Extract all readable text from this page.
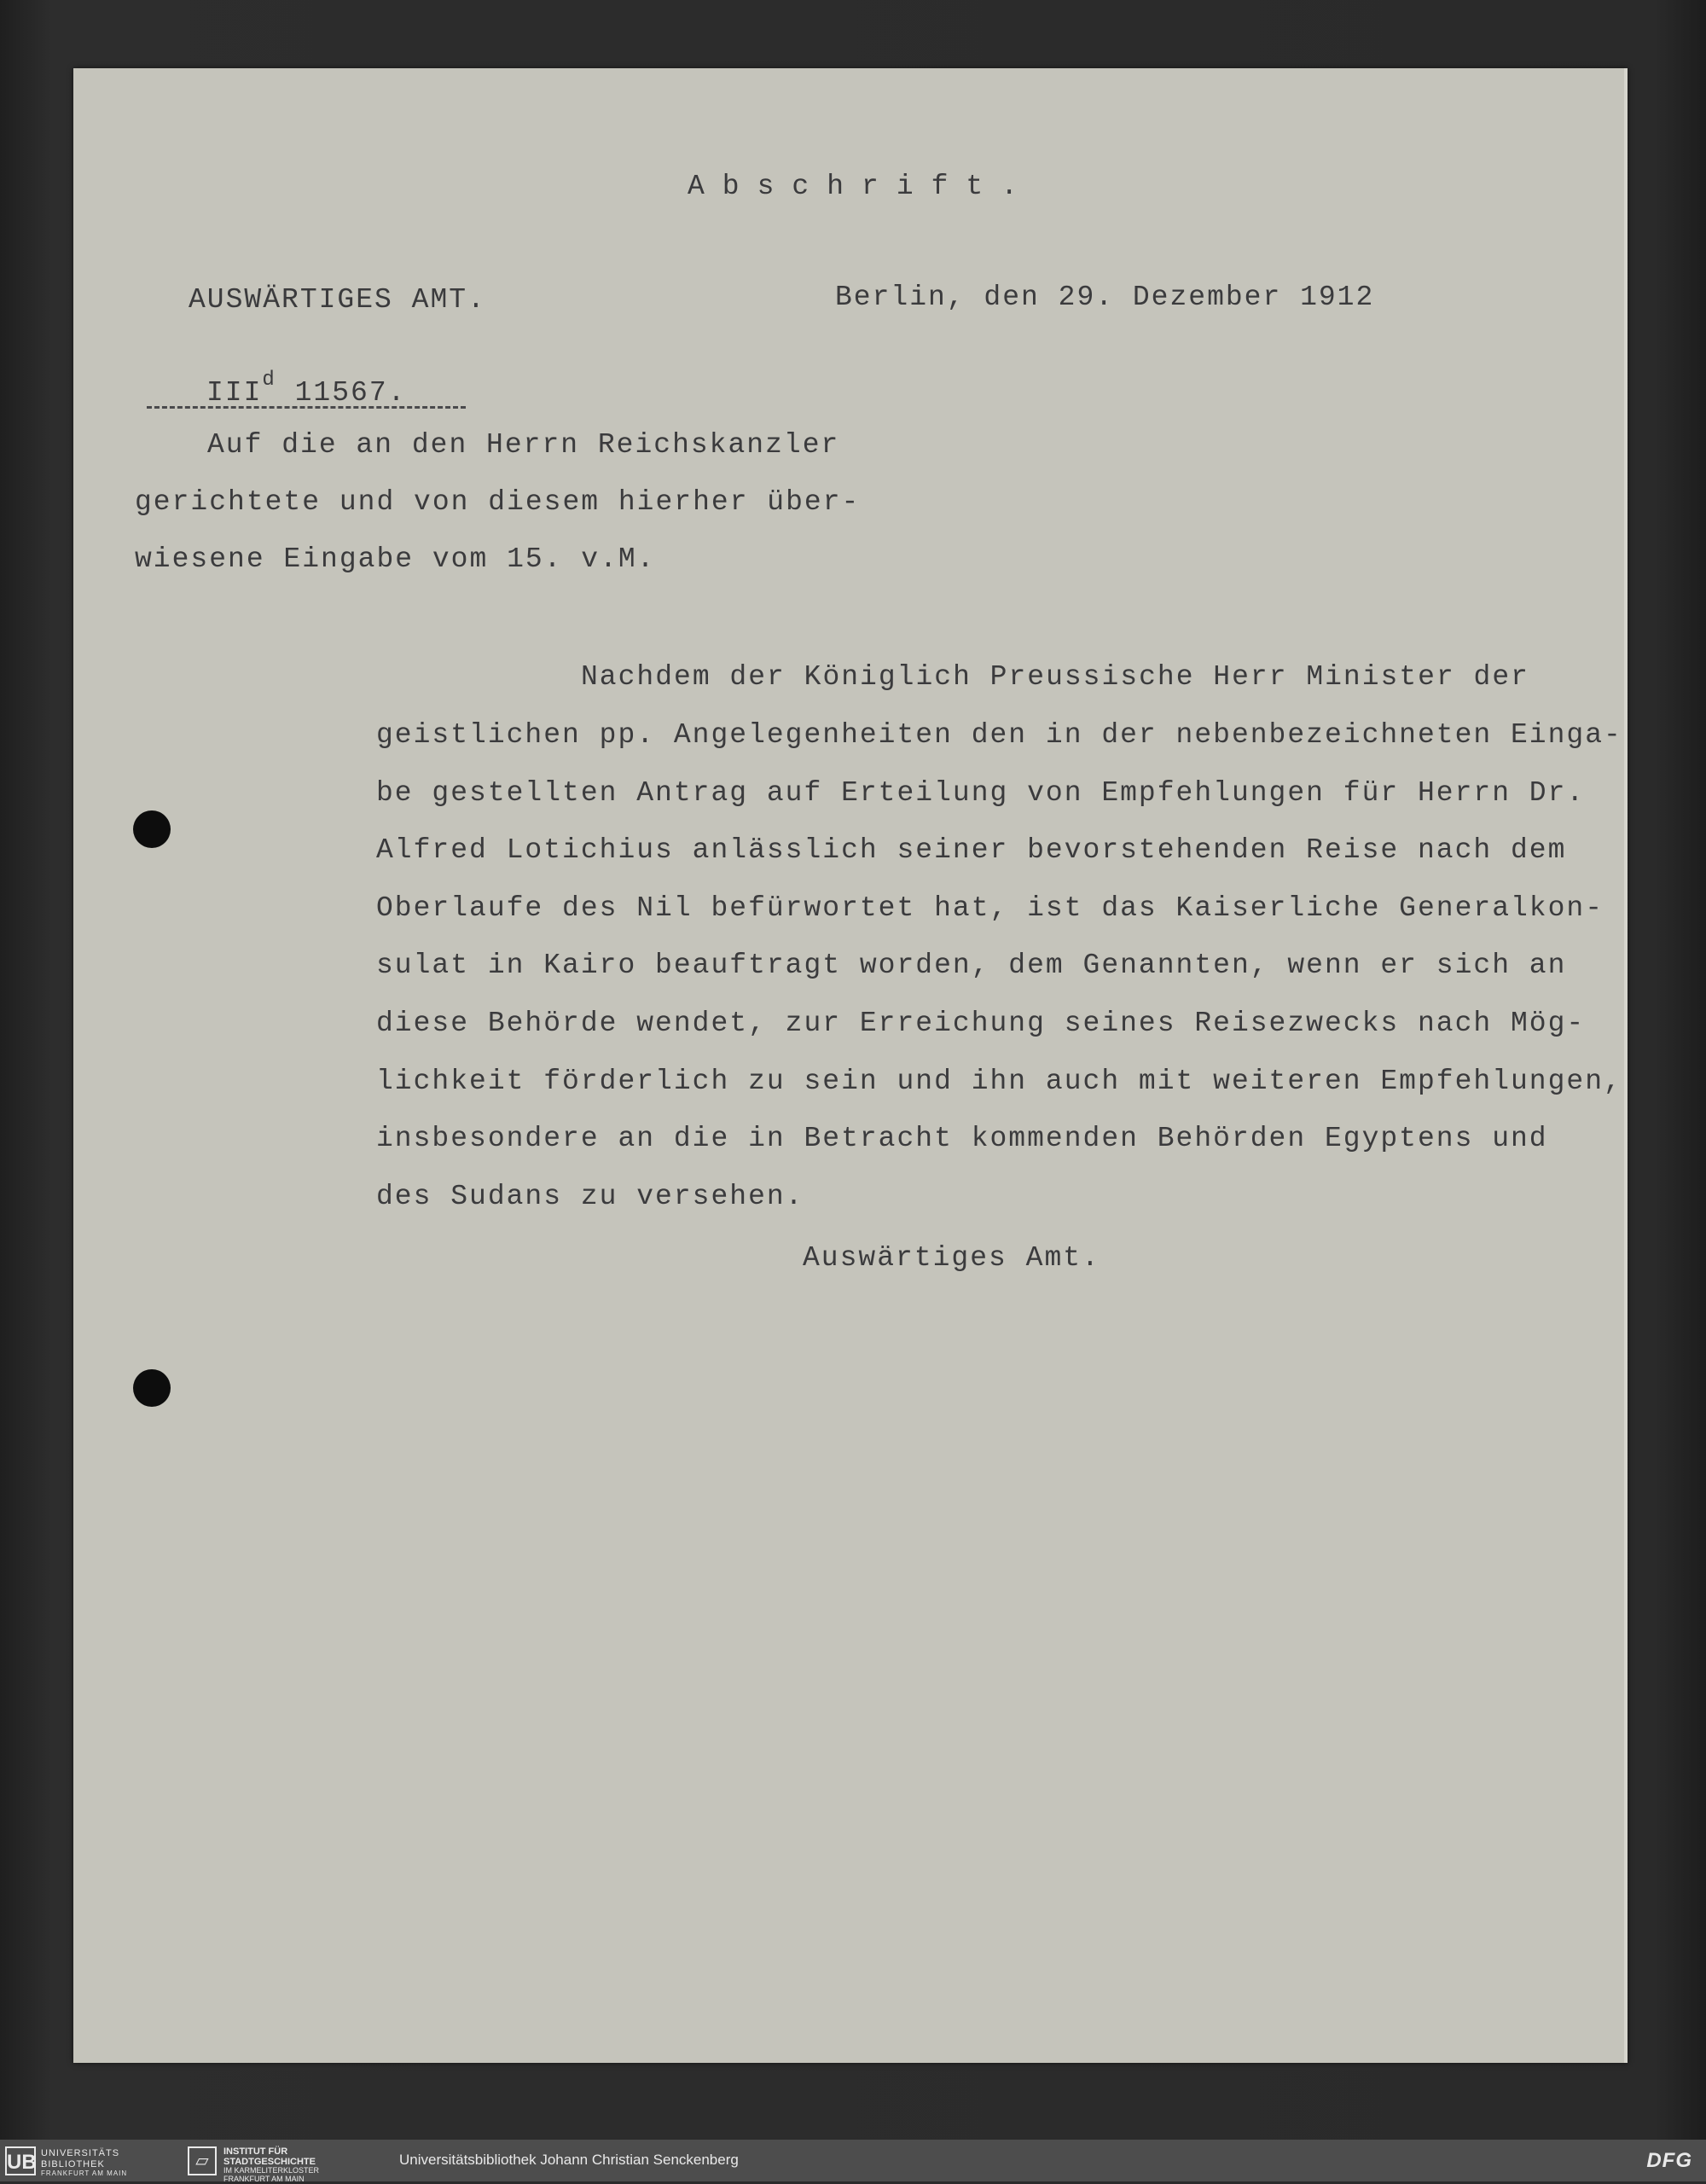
Abschrift.
AUSWÄRTIGES AMT.	Berlin, den 29. Dezember 1912
III$^d$ 11567.
Auf die an den Herrn Reichskanzler
gerichtete und von diesem hierher über-
wiesene Eingabe vom 15. v.M.
Nachdem der Königlich Preussische Herr Minister der
geistlichen pp. Angelegenheiten den in der nebenbezeichneten Einga-
be gestellten Antrag auf Erteilung von Empfehlungen für Herrn Dr.
Alfred Lotichius anlässlich seiner bevorstehenden Reise nach dem
Oberlaufe des Nil befürwortet hat, ist das Kaiserliche Generalkon-
sulat in Kairo beauftragt worden, dem Genannten, wenn er sich an
diese Behörde wendet, zur Erreichung seines Reisezwecks nach Mög-
lichkeit förderlich zu sein und ihn auch mit weiteren Empfehlungen,
insbesondere an die in Betracht kommenden Behörden Egyptens und
des Sudans zu versehen.
Auswärtiges Amt.
UB UNIVERSITÄTS
BIBLIOTHEK
FRANKFURT AM MAIN
▱	INSTITUT FÜR
STADTGESCHICHTE
IM KARMELITERKLOSTER
FRANKFURT AM MAIN
Universitätsbibliothek Johann Christian Senckenberg	DFG
